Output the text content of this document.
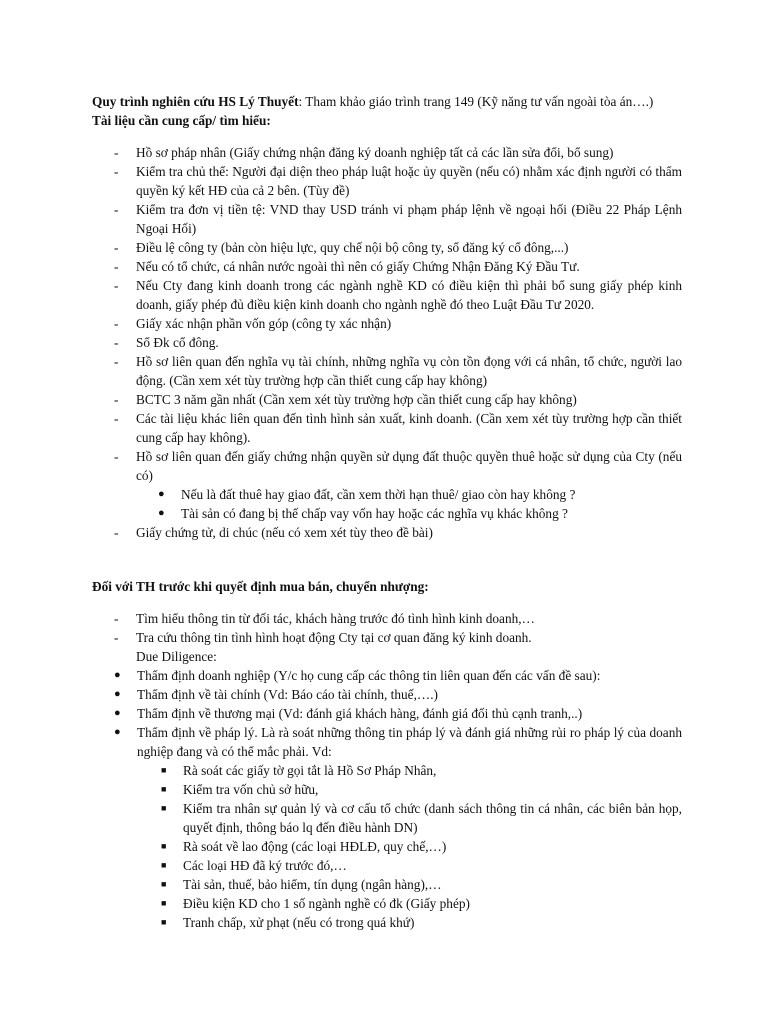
Quy trình nghiên cứu HS Lý Thuyết: Tham khảo giáo trình trang 149 (Kỹ năng tư vấn ngoài tòa án….)

Tài liệu cần cung cấp/ tìm hiểu:

- Hồ sơ pháp nhân (Giấy chứng nhận đăng ký doanh nghiệp tất cả các lần sửa đổi, bổ sung)
- Kiểm tra chủ thể: Người đại diện theo pháp luật hoặc ủy quyền (nếu có) nhằm xác định người có thẩm quyền ký kết HĐ của cả 2 bên. (Tùy đề)
- Kiểm tra đơn vị tiền tệ: VND thay USD tránh vi phạm pháp lệnh về ngoại hối (Điều 22 Pháp Lệnh Ngoại Hối)
- Điều lệ công ty (bản còn hiệu lực, quy chế nội bộ công ty, sổ đăng ký cổ đông,...)
- Nếu có tổ chức, cá nhân nước ngoài thì nên có giấy Chứng Nhận Đăng Ký Đầu Tư.
- Nếu Cty đang kinh doanh trong các ngành nghề KD có điều kiện thì phải bổ sung giấy phép kinh doanh, giấy phép đủ điều kiện kinh doanh cho ngành nghề đó theo Luật Đầu Tư 2020.
- Giấy xác nhận phần vốn góp (công ty xác nhận)
- Sổ Đk cổ đông.
- Hồ sơ liên quan đến nghĩa vụ tài chính, những nghĩa vụ còn tồn đọng với cá nhân, tổ chức, người lao động. (Cần xem xét tùy trường hợp cần thiết cung cấp hay không)
- BCTC 3 năm gần nhất (Cần xem xét tùy trường hợp cần thiết cung cấp hay không)
- Các tài liệu khác liên quan đến tình hình sản xuất, kinh doanh. (Cần xem xét tùy trường hợp cần thiết cung cấp hay không).
- Hồ sơ liên quan đến giấy chứng nhận quyền sử dụng đất thuộc quyền thuê hoặc sử dụng của Cty (nếu có)
● Nếu là đất thuê hay giao đất, cần xem thời hạn thuê/ giao còn hay không ?
● Tài sản có đang bị thế chấp vay vốn hay hoặc các nghĩa vụ khác không ?
- Giấy chứng tử, di chúc (nếu có xem xét tùy theo đề bài)

Đối với TH trước khi quyết định mua bán, chuyển nhượng:

- Tìm hiểu thông tin từ đối tác, khách hàng trước đó tình hình kinh doanh,…
- Tra cứu thông tin tình hình hoạt động Cty tại cơ quan đăng ký kinh doanh.

Due Diligence:

● Thẩm định doanh nghiệp (Y/c họ cung cấp các thông tin liên quan đến các vấn đề sau):
● Thẩm định về tài chính (Vd: Báo cáo tài chính, thuế,….)
● Thẩm định về thương mại (Vd: đánh giá khách hàng, đánh giá đối thủ cạnh tranh,..)
● Thẩm định về pháp lý. Là rà soát những thông tin pháp lý và đánh giá những rủi ro pháp lý của doanh nghiệp đang và có thể mắc phải. Vd:
■ Rà soát các giấy tờ gọi tắt là Hồ Sơ Pháp Nhân,
■ Kiểm tra vốn chủ sở hữu,
■ Kiểm tra nhân sự quản lý và cơ cấu tổ chức (danh sách thông tin cá nhân, các biên bản họp, quyết định, thông báo lq đến điều hành DN)
■ Rà soát về lao động (các loại HĐLĐ, quy chế,…)
■ Các loại HĐ đã ký trước đó,…
■ Tài sản, thuế, bảo hiểm, tín dụng (ngân hàng),…
■ Điều kiện KD cho 1 số ngành nghề có đk (Giấy phép)
■ Tranh chấp, xử phạt (nếu có trong quá khứ)
